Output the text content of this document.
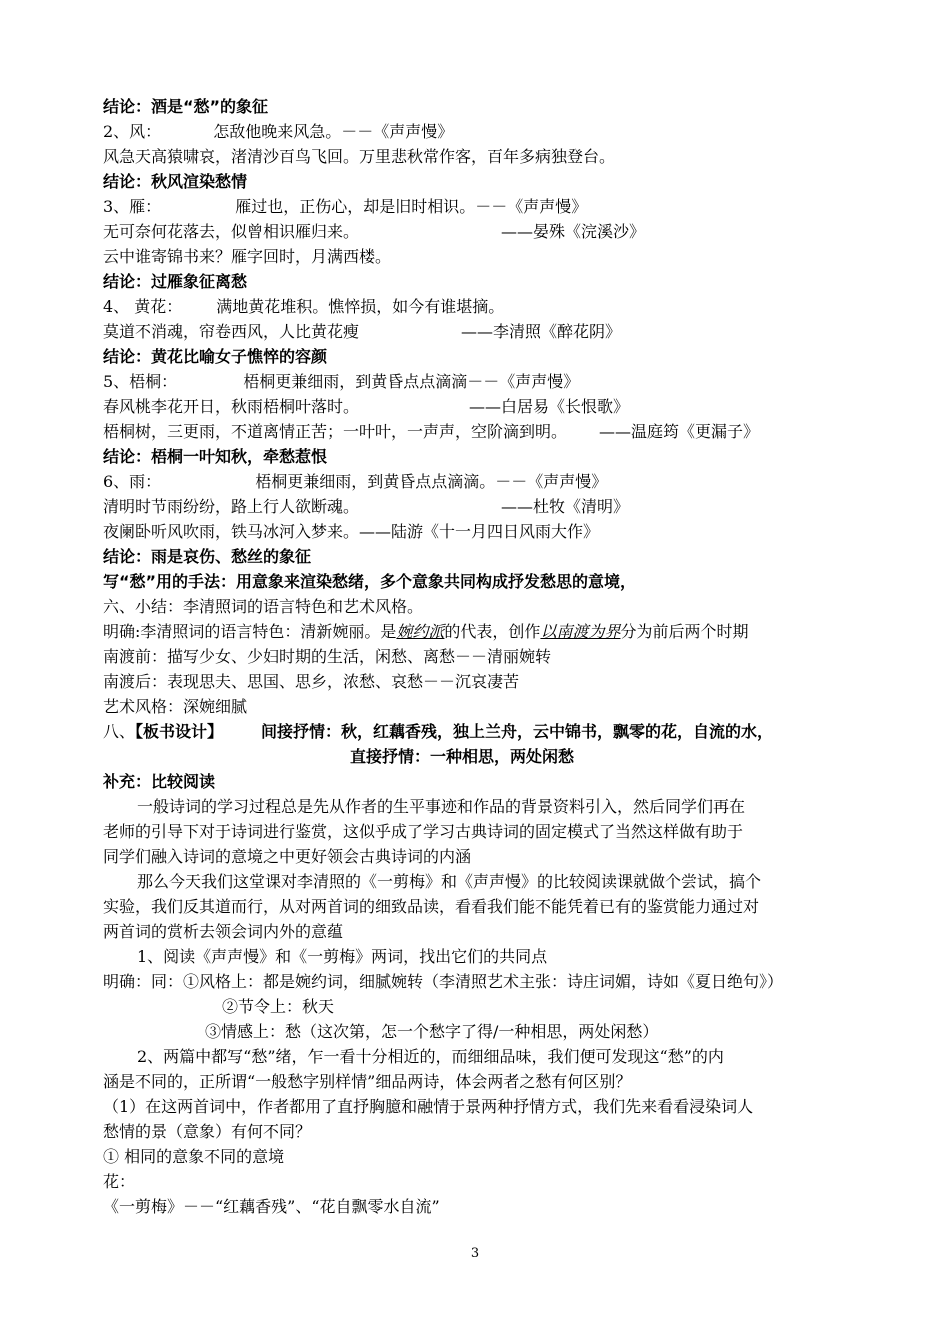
结论：酒是“愁”的象征
2、风：	怎敌他晚来风急。－－《声声慢》
风急天高猿啸哀，渚清沙百鸟飞回。万里悲秋常作客，百年多病独登台。
结论：秋风渲染愁情
3、雁：	雁过也，正伤心，却是旧时相识。－－《声声慢》
无可奈何花落去，似曾相识雁归来。	——晏殊《浣溪沙》
云中谁寄锦书来？雁字回时，月满西楼。
结论：过雁象征离愁
4、 黄花： 满地黄花堆积。憔悴损，如今有谁堪摘。
莫道不消魂，帘卷西风，人比黄花瘦	——李清照《醉花阴》
结论：黄花比喻女子憔悴的容颜
5、梧桐：	梧桐更兼细雨，到黄昏点点滴滴－－《声声慢》
春风桃李花开日，秋雨梧桐叶落时。	——白居易《长恨歌》
梧桐树，三更雨，不道离情正苦；一叶叶，一声声，空阶滴到明。 ——温庭筠《更漏子》
结论：梧桐一叶知秋，牵愁惹恨
6、雨：	梧桐更兼细雨，到黄昏点点滴滴。－－《声声慢》
清明时节雨纷纷，路上行人欲断魂。	——杜牧《清明》
夜阑卧听风吹雨，铁马冰河入梦来。——陆游《十一月四日风雨大作》
结论：雨是哀伤、愁丝的象征
写“愁”用的手法：用意象来渲染愁绪，多个意象共同构成抒发愁思的意境，
六、小结：李清照词的语言特色和艺术风格。
明确:李清照词的语言特色：清新婉丽。是婉约派的代表，创作以南渡为界分为前后两个时期
南渡前：描写少女、少妇时期的生活，闲愁、离愁－－清丽婉转
南渡后：表现思夫、思国、思乡，浓愁、哀愁－－沉哀凄苦
艺术风格：深婉细腻
八、【板书设计】 间接抒情：秋，红藕香残，独上兰舟，云中锦书，飘零的花，自流的水，
直接抒情：一种相思，两处闲愁
补充：比较阅读
一般诗词的学习过程总是先从作者的生平事迹和作品的背景资料引入，然后同学们再在
老师的引导下对于诗词进行鉴赏，这似乎成了学习古典诗词的固定模式了当然这样做有助于
同学们融入诗词的意境之中更好领会古典诗词的内涵
那么今天我们这堂课对李清照的《一剪梅》和《声声慢》的比较阅读课就做个尝试，搞个
实验，我们反其道而行，从对两首词的细致品读，看看我们能不能凭着已有的鉴赏能力通过对
两首词的赏析去领会词内外的意蕴
1、阅读《声声慢》和《一剪梅》两词，找出它们的共同点
明确：同：①风格上：都是婉约词，细腻婉转（李清照艺术主张：诗庄词媚，诗如《夏日绝句》）
②节令上：秋天
③情感上：愁（这次第，怎一个愁字了得/一种相思，两处闲愁）
2、两篇中都写“愁”绪，乍一看十分相近的，而细细品味，我们便可发现这“愁”的内
涵是不同的，正所谓“一般愁字别样情”细品两诗，体会两者之愁有何区别？
（1）在这两首词中，作者都用了直抒胸臆和融情于景两种抒情方式，我们先来看看浸染词人
愁情的景（意象）有何不同？
① 相同的意象不同的意境
花：
《一剪梅》－－“红藕香残”、“花自飘零水自流”
3
